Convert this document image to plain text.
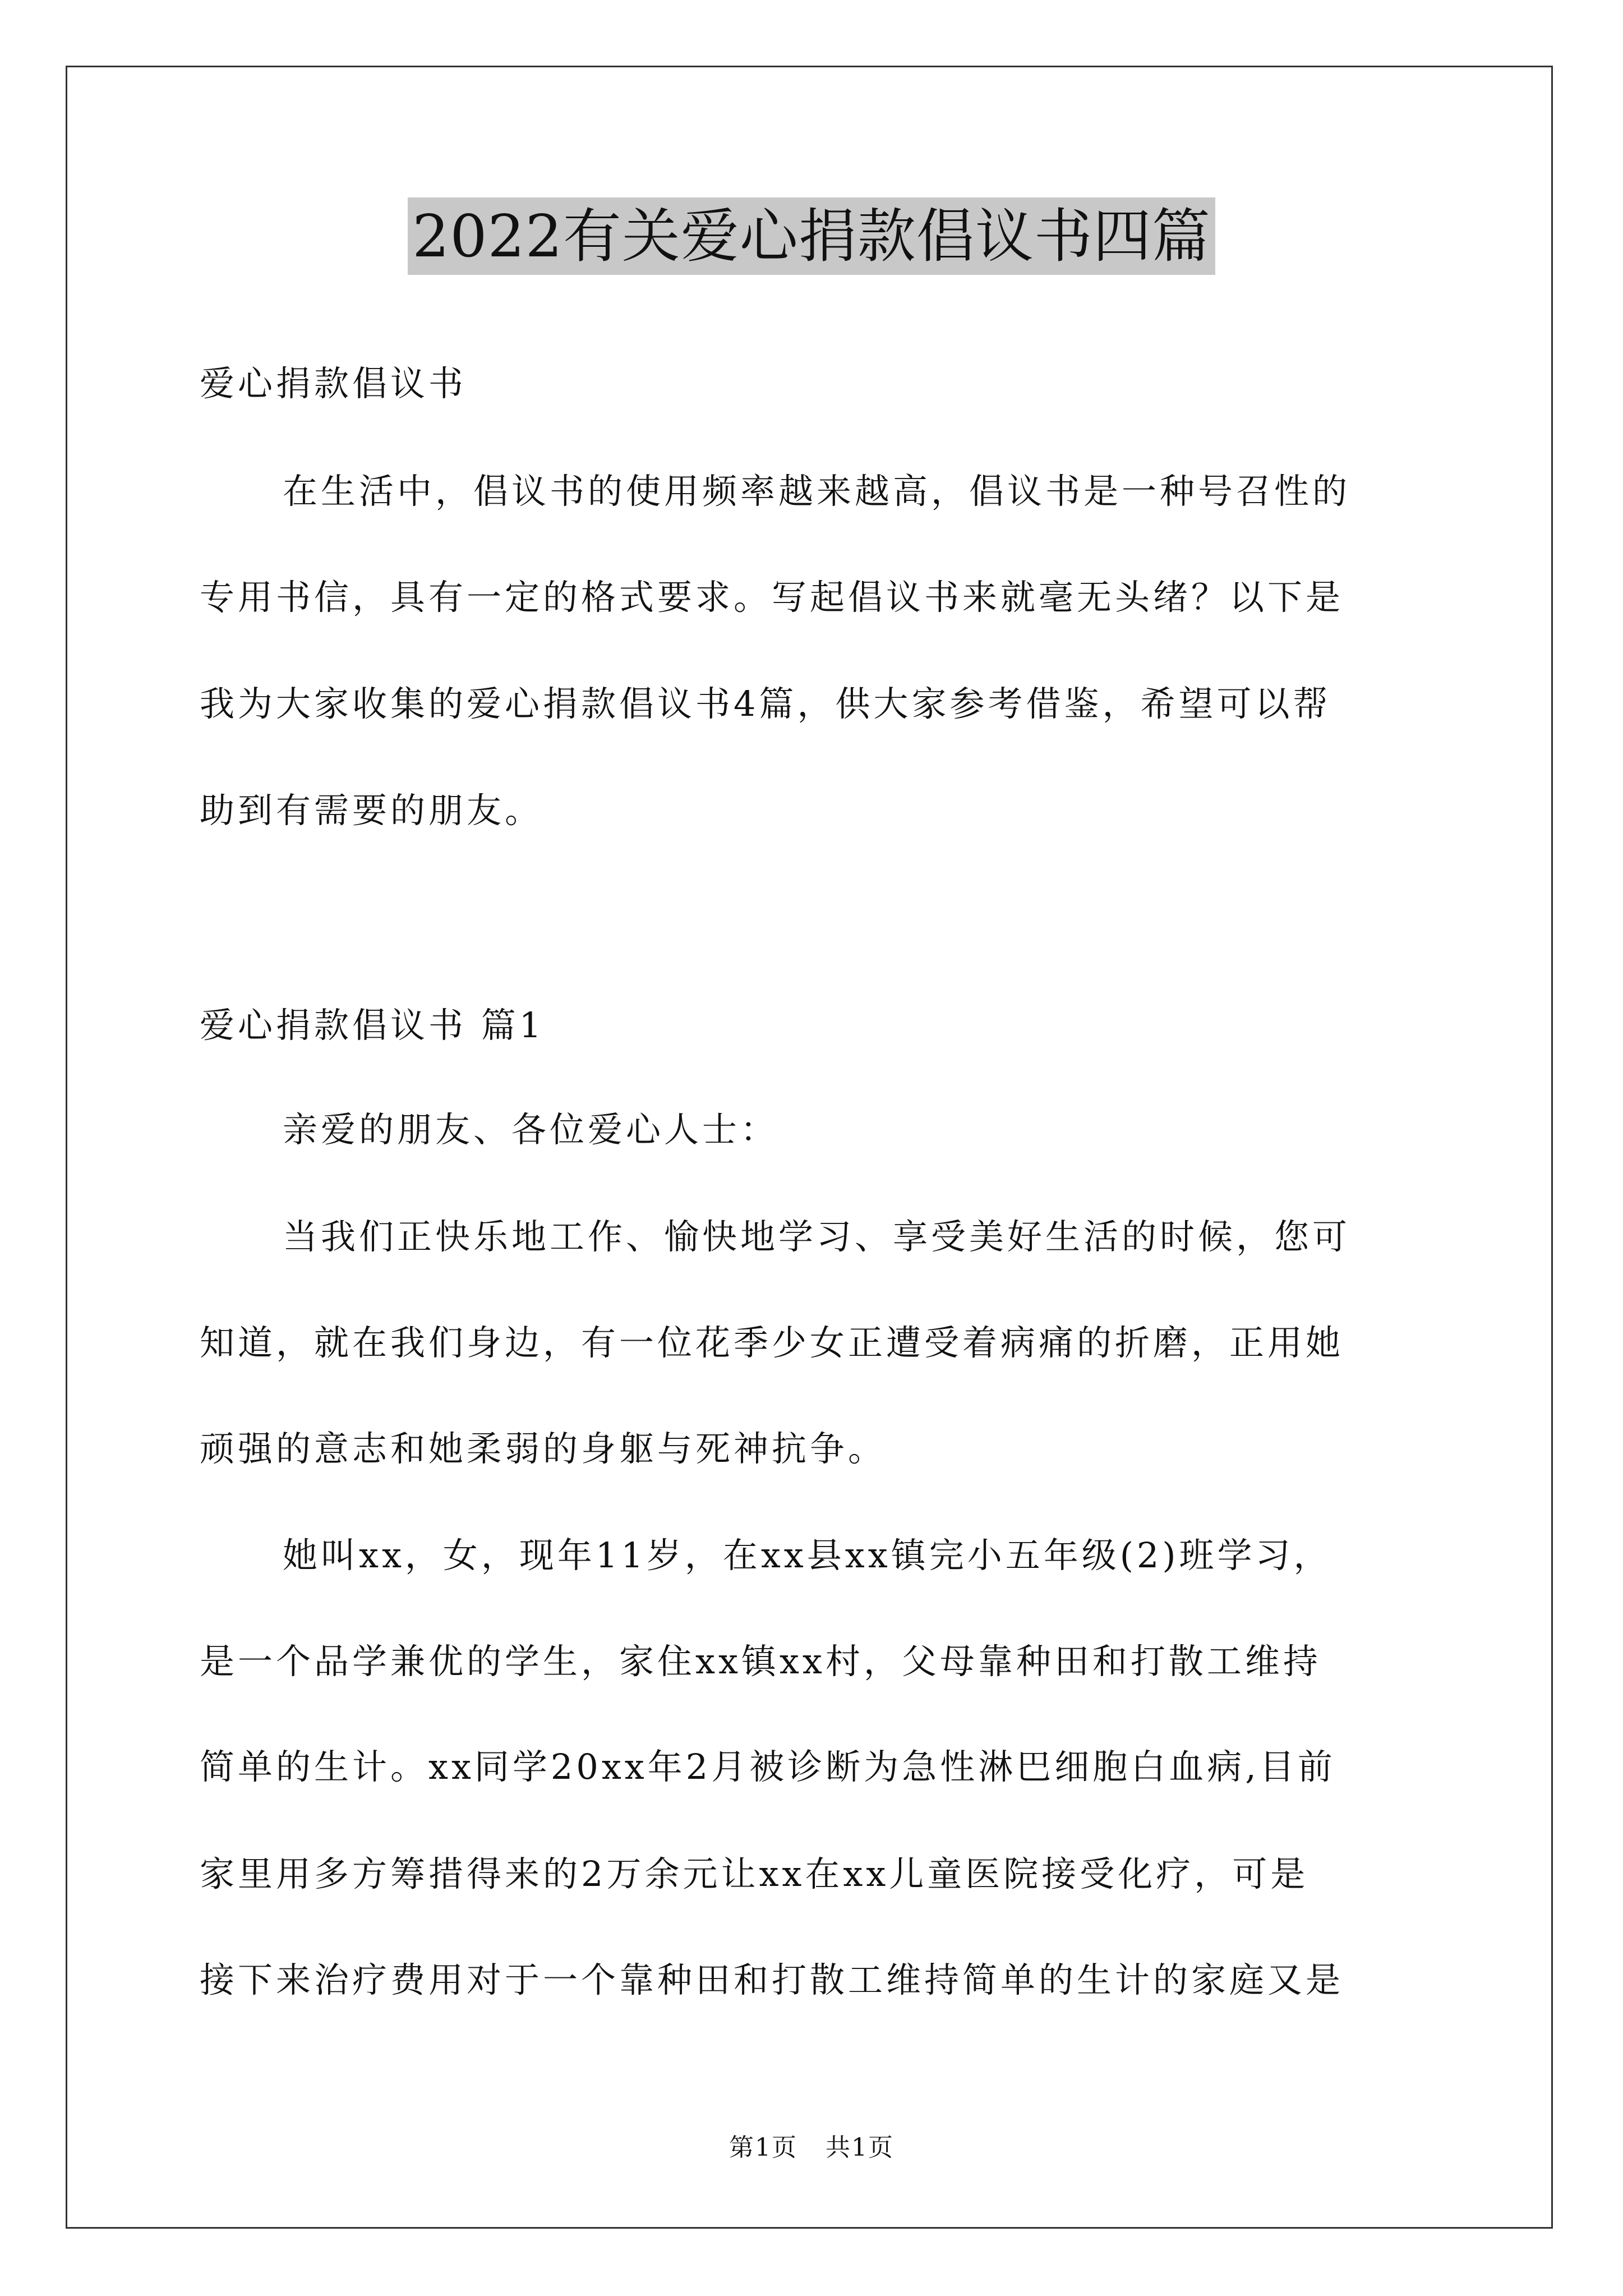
2022有关爱心捐款倡议书四篇
爱心捐款倡议书
在生活中，倡议书的使用频率越来越高，倡议书是一种号召性的
专用书信，具有一定的格式要求。写起倡议书来就毫无头绪？以下是
我为大家收集的爱心捐款倡议书4篇，供大家参考借鉴，希望可以帮
助到有需要的朋友。
爱心捐款倡议书 篇1
亲爱的朋友、各位爱心人士：
当我们正快乐地工作、愉快地学习、享受美好生活的时候，您可
知道，就在我们身边，有一位花季少女正遭受着病痛的折磨，正用她
顽强的意志和她柔弱的身躯与死神抗争。
她叫xx，女，现年11岁，在xx县xx镇完小五年级(2)班学习，
是一个品学兼优的学生，家住xx镇xx村，父母靠种田和打散工维持
简单的生计。xx同学20xx年2月被诊断为急性淋巴细胞白血病,目前
家里用多方筹措得来的2万余元让xx在xx儿童医院接受化疗，可是
接下来治疗费用对于一个靠种田和打散工维持简单的生计的家庭又是
第1页 共1页
